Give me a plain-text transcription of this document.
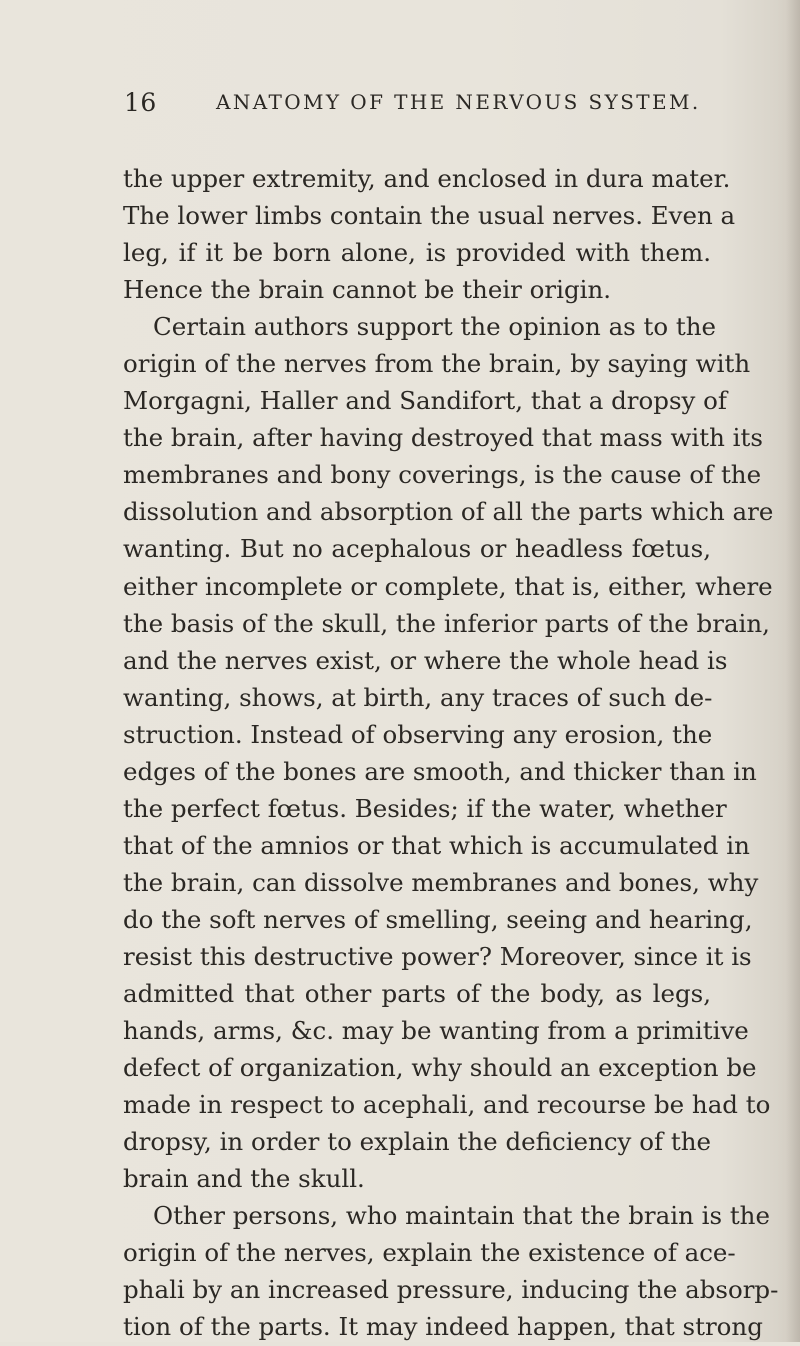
16	ANATOMY OF THE NERVOUS SYSTEM.
the upper extremity, and enclosed in dura mater.
The lower limbs contain the usual nerves. Even a
leg, if it be born alone, is provided with them.
Hence the brain cannot be their origin.
Certain authors support the opinion as to the
origin of the nerves from the brain, by saying with
Morgagni, Haller and Sandifort, that a dropsy of
the brain, after having destroyed that mass with its
membranes and bony coverings, is the cause of the
dissolution and absorption of all the parts which are
wanting. But no acephalous or headless fœtus,
either incomplete or complete, that is, either, where
the basis of the skull, the inferior parts of the brain,
and the nerves exist, or where the whole head is
wanting, shows, at birth, any traces of such de-
struction. Instead of observing any erosion, the
edges of the bones are smooth, and thicker than in
the perfect fœtus. Besides; if the water, whether
that of the amnios or that which is accumulated in
the brain, can dissolve membranes and bones, why
do the soft nerves of smelling, seeing and hearing,
resist this destructive power? Moreover, since it is
admitted that other parts of the body, as legs,
hands, arms, &c. may be wanting from a primitive
defect of organization, why should an exception be
made in respect to acephali, and recourse be had to
dropsy, in order to explain the deficiency of the
brain and the skull.
Other persons, who maintain that the brain is the
origin of the nerves, explain the existence of ace-
phali by an increased pressure, inducing the absorp-
tion of the parts. It may indeed happen, that strong
